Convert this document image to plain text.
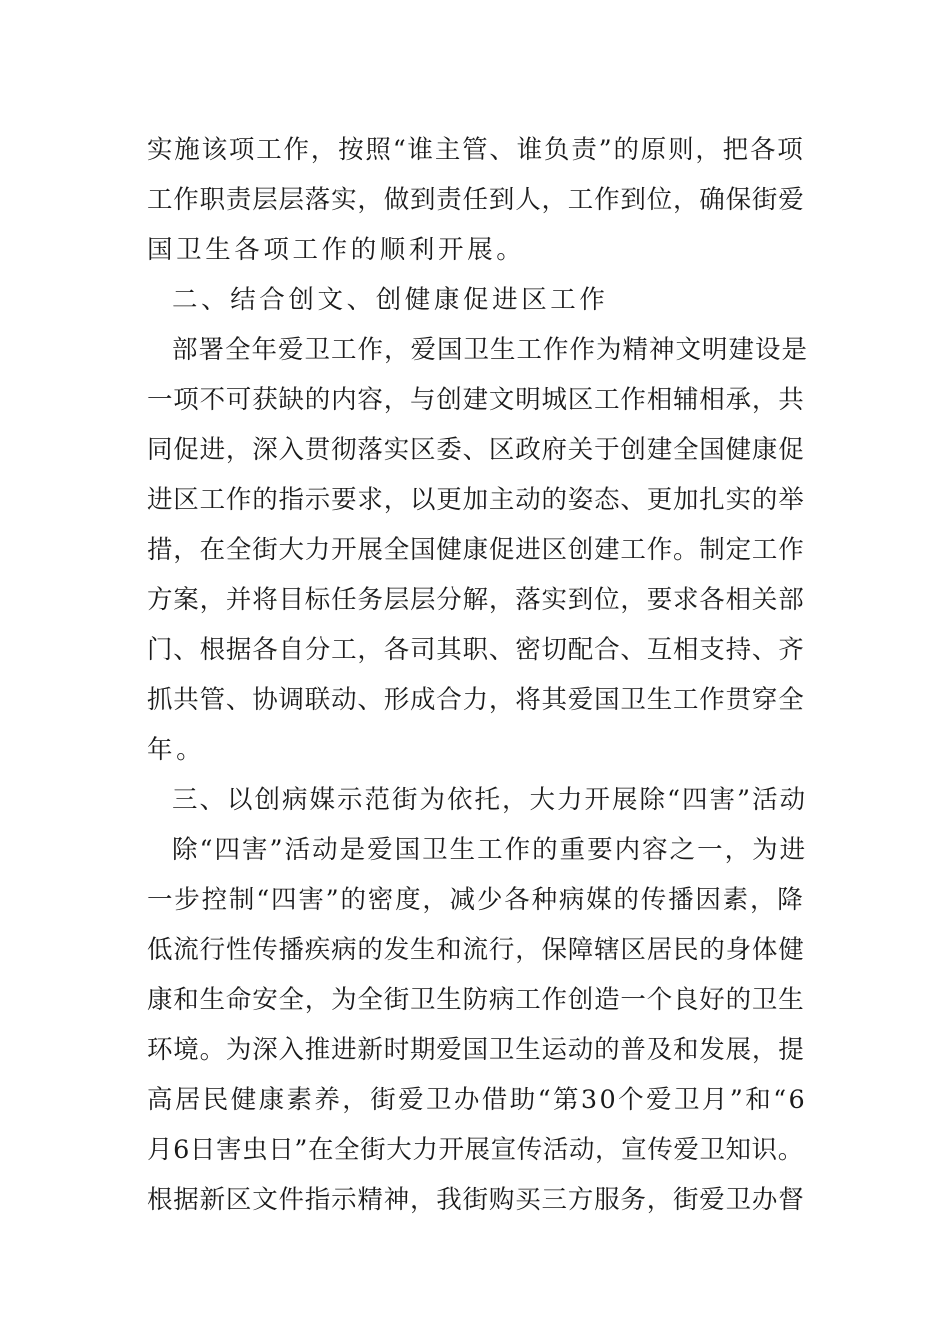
实施该项工作，按照“谁主管、谁负责”的原则，把各项
工作职责层层落实，做到责任到人，工作到位，确保街爱
国卫生各项工作的顺利开展。
二、结合创文、创健康促进区工作
部署全年爱卫工作，爱国卫生工作作为精神文明建设是
一项不可获缺的内容，与创建文明城区工作相辅相承，共
同促进，深入贯彻落实区委、区政府关于创建全国健康促
进区工作的指示要求，以更加主动的姿态、更加扎实的举
措，在全街大力开展全国健康促进区创建工作。制定工作
方案，并将目标任务层层分解，落实到位，要求各相关部
门、根据各自分工，各司其职、密切配合、互相支持、齐
抓共管、协调联动、形成合力，将其爱国卫生工作贯穿全
年。
三、以创病媒示范街为依托，大力开展除“四害”活动
除“四害”活动是爱国卫生工作的重要内容之一，为进
一步控制“四害”的密度，减少各种病媒的传播因素，降
低流行性传播疾病的发生和流行，保障辖区居民的身体健
康和生命安全，为全街卫生防病工作创造一个良好的卫生
环境。为深入推进新时期爱国卫生运动的普及和发展，提
高居民健康素养，街爱卫办借助“第30个爱卫月”和“6
月6日害虫日”在全街大力开展宣传活动，宣传爱卫知识。
根据新区文件指示精神，我街购买三方服务，街爱卫办督
